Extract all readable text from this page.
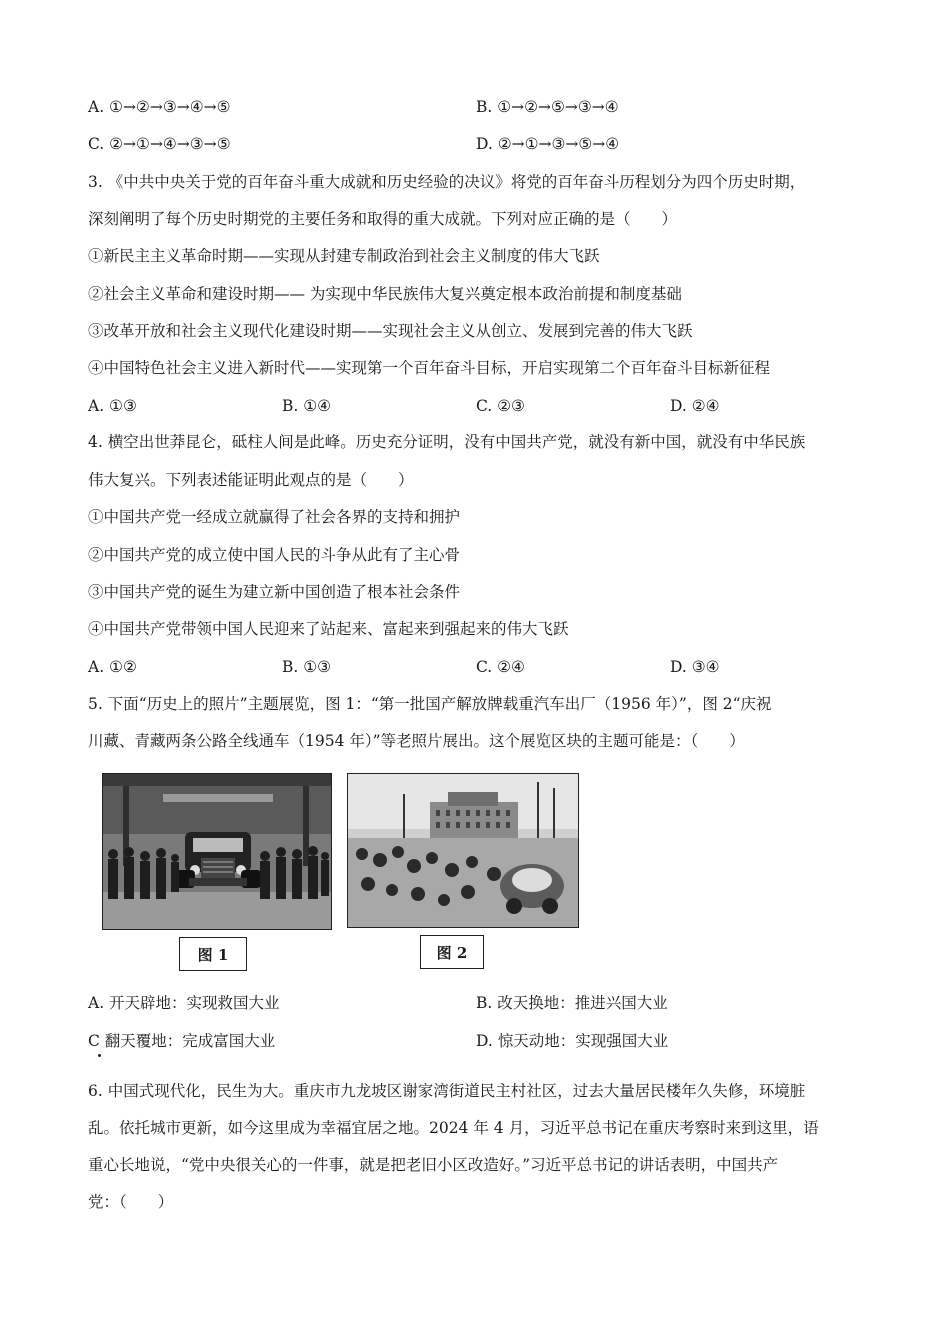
A. ①→②→③→④→⑤	B. ①→②→⑤→③→④
C. ②→①→④→③→⑤	D. ②→①→③→⑤→④
3. 《中共中央关于党的百年奋斗重大成就和历史经验的决议》将党的百年奋斗历程划分为四个历史时期，
深刻阐明了每个历史时期党的主要任务和取得的重大成就。下列对应正确的是（　　）
①新民主主义革命时期——实现从封建专制政治到社会主义制度的伟大飞跃
②社会主义革命和建设时期—— 为实现中华民族伟大复兴奠定根本政治前提和制度基础
③改革开放和社会主义现代化建设时期——实现社会主义从创立、发展到完善的伟大飞跃
④中国特色社会主义进入新时代——实现第一个百年奋斗目标，开启实现第二个百年奋斗目标新征程
A. ①③	B. ①④	C. ②③	D. ②④
4. 横空出世莽昆仑，砥柱人间是此峰。历史充分证明，没有中国共产党，就没有新中国，就没有中华民族
伟大复兴。下列表述能证明此观点的是（　　）
①中国共产党一经成立就赢得了社会各界的支持和拥护
②中国共产党的成立使中国人民的斗争从此有了主心骨
③中国共产党的诞生为建立新中国创造了根本社会条件
④中国共产党带领中国人民迎来了站起来、富起来到强起来的伟大飞跃
A. ①②	B. ①③	C. ②④	D. ③④
5. 下面“历史上的照片”主题展览，图 1：“第一批国产解放牌载重汽车出厂（1956 年）”，图 2“庆祝
川藏、青藏两条公路全线通车（1954 年）”等老照片展出。这个展览区块的主题可能是：（　　）
图 1	图 2
A. 开天辟地：实现救国大业	B. 改天换地：推进兴国大业
C 翻天覆地：完成富国大业	D. 惊天动地：实现强国大业
6. 中国式现代化，民生为大。重庆市九龙坡区谢家湾街道民主村社区，过去大量居民楼年久失修，环境脏
乱。依托城市更新，如今这里成为幸福宜居之地。2024 年 4 月，习近平总书记在重庆考察时来到这里，语
重心长地说，“党中央很关心的一件事，就是把老旧小区改造好。”习近平总书记的讲话表明，中国共产
党：（　　）
